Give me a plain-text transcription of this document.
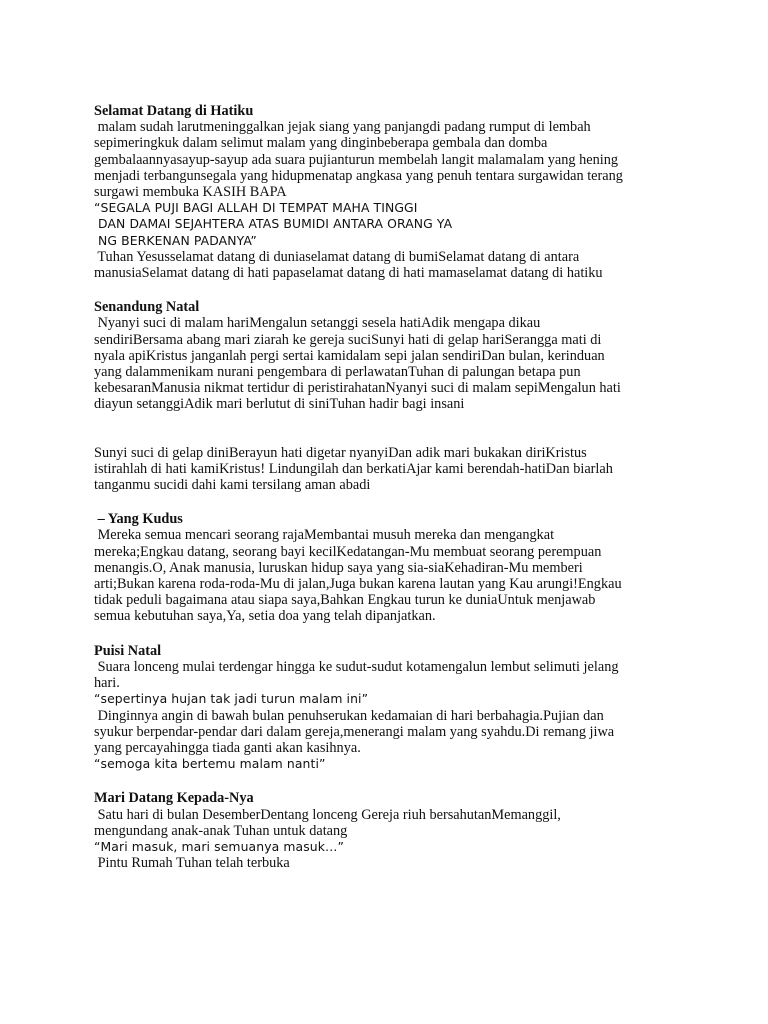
Selamat Datang di Hatiku
malam sudah larutmeninggalkan jejak siang yang panjangdi padang rumput di lembah
sepimeringkuk dalam selimut malam yang dinginbeberapa gembala dan domba
gembalaannyasayup-sayup ada suara pujianturun membelah langit malamalam yang hening
menjadi terbangunsegala yang hidupmenatap angkasa yang penuh tentara surgawidan terang
surgawi membuka KASIH BAPA
“SEGALA PUJI BAGI ALLAH DI TEMPAT MAHA TINGGI
DAN DAMAI SEJAHTERA ATAS BUMIDI ANTARA ORANG YA
NG BERKENAN PADANYA”
Tuhan Yesusselamat datang di duniaselamat datang di bumiSelamat datang di antara
manusiaSelamat datang di hati papaselamat datang di hati mamaselamat datang di hatiku
Senandung Natal
Nyanyi suci di malam hariMengalun setanggi sesela hatiAdik mengapa dikau
sendiriBersama abang mari ziarah ke gereja suciSunyi hati di gelap hariSerangga mati di
nyala apiKristus janganlah pergi sertai kamidalam sepi jalan sendiriDan bulan, kerinduan
yang dalammenikam nurani pengembara di perlawatanTuhan di palungan betapa pun
kebesaranManusia nikmat tertidur di peristirahatanNyanyi suci di malam sepiMengalun hati
diayun setanggiAdik mari berlutut di siniTuhan hadir bagi insani
Sunyi suci di gelap diniBerayun hati digetar nyanyiDan adik mari bukakan diriKristus
istirahlah di hati kamiKristus! Lindungilah dan berkatiAjar kami berendah-hatiDan biarlah
tanganmu sucidi dahi kami tersilang aman abadi
– Yang Kudus
Mereka semua mencari seorang rajaMembantai musuh mereka dan mengangkat
mereka;Engkau datang, seorang bayi kecilKedatangan-Mu membuat seorang perempuan
menangis.O, Anak manusia, luruskan hidup saya yang sia-siaKehadiran-Mu memberi
arti;Bukan karena roda-roda-Mu di jalan,Juga bukan karena lautan yang Kau arungi!Engkau
tidak peduli bagaimana atau siapa saya,Bahkan Engkau turun ke duniaUntuk menjawab
semua kebutuhan saya,Ya, setia doa yang telah dipanjatkan.
Puisi Natal
Suara lonceng mulai terdengar hingga ke sudut-sudut kotamengalun lembut selimuti jelang
hari.
“sepertinya hujan tak jadi turun malam ini”
Dinginnya angin di bawah bulan penuhserukan kedamaian di hari berbahagia.Pujian dan
syukur berpendar-pendar dari dalam gereja,menerangi malam yang syahdu.Di remang jiwa
yang percayahingga tiada ganti akan kasihnya.
“semoga kita bertemu malam nanti”
Mari Datang Kepada-Nya
Satu hari di bulan DesemberDentang lonceng Gereja riuh bersahutanMemanggil,
mengundang anak-anak Tuhan untuk datang
“Mari masuk, mari semuanya masuk…”
Pintu Rumah Tuhan telah terbuka
